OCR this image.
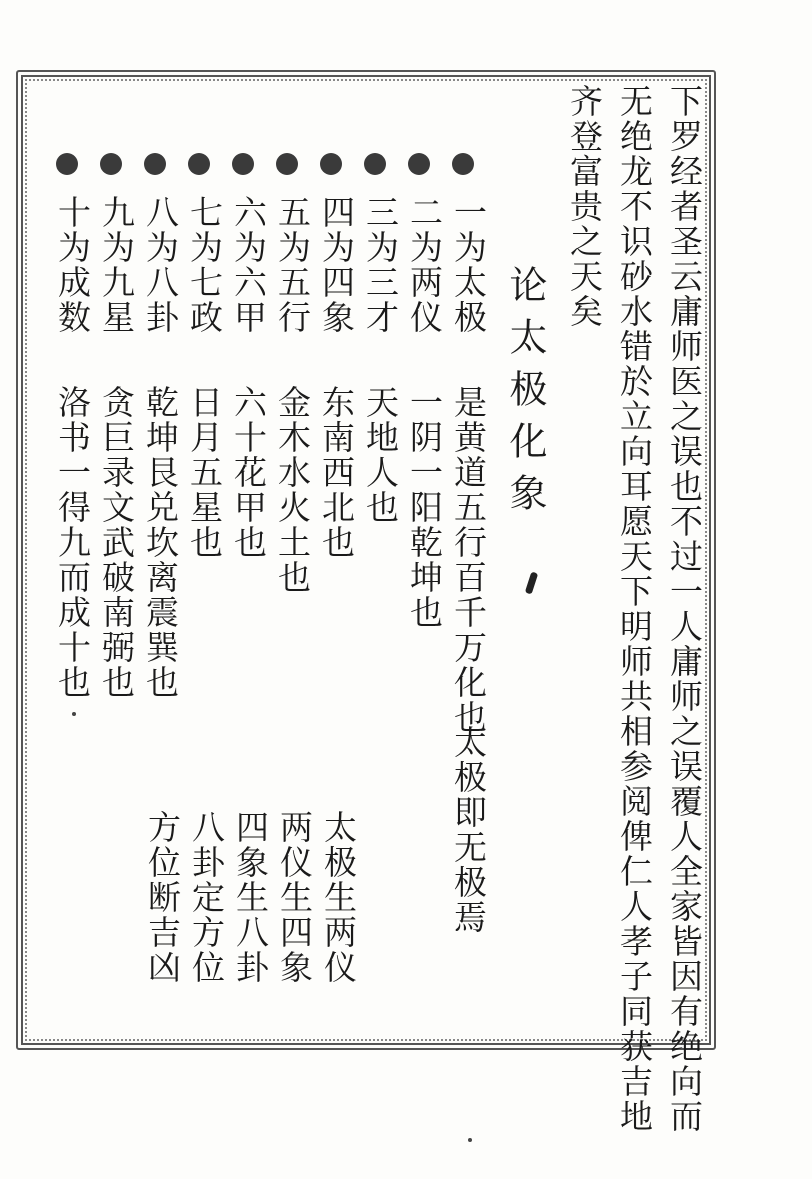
下罗经者圣云庸师医之误也不过一人庸师之误覆人全家皆因有绝向而
无绝龙不识砂水错於立向耳愿天下明师共相参阅俾仁人孝子同获吉地
齐登富贵之天矣
论太极化象
一为太极
二为两仪
三为三才
四为四象
五为五行
六为六甲
七为七政
八为八卦
九为九星
十为成数
是黄道五行百千万化也
一阴一阳乾坤也
天地人也
东南西北也
金木水火土也
六十花甲也
日月五星也
乾坤艮兑坎离震巽也
贪巨录文武破南弼也
洛书一得九而成十也
太极即无极焉
太极生两仪
两仪生四象
四象生八卦
八卦定方位
方位断吉凶
